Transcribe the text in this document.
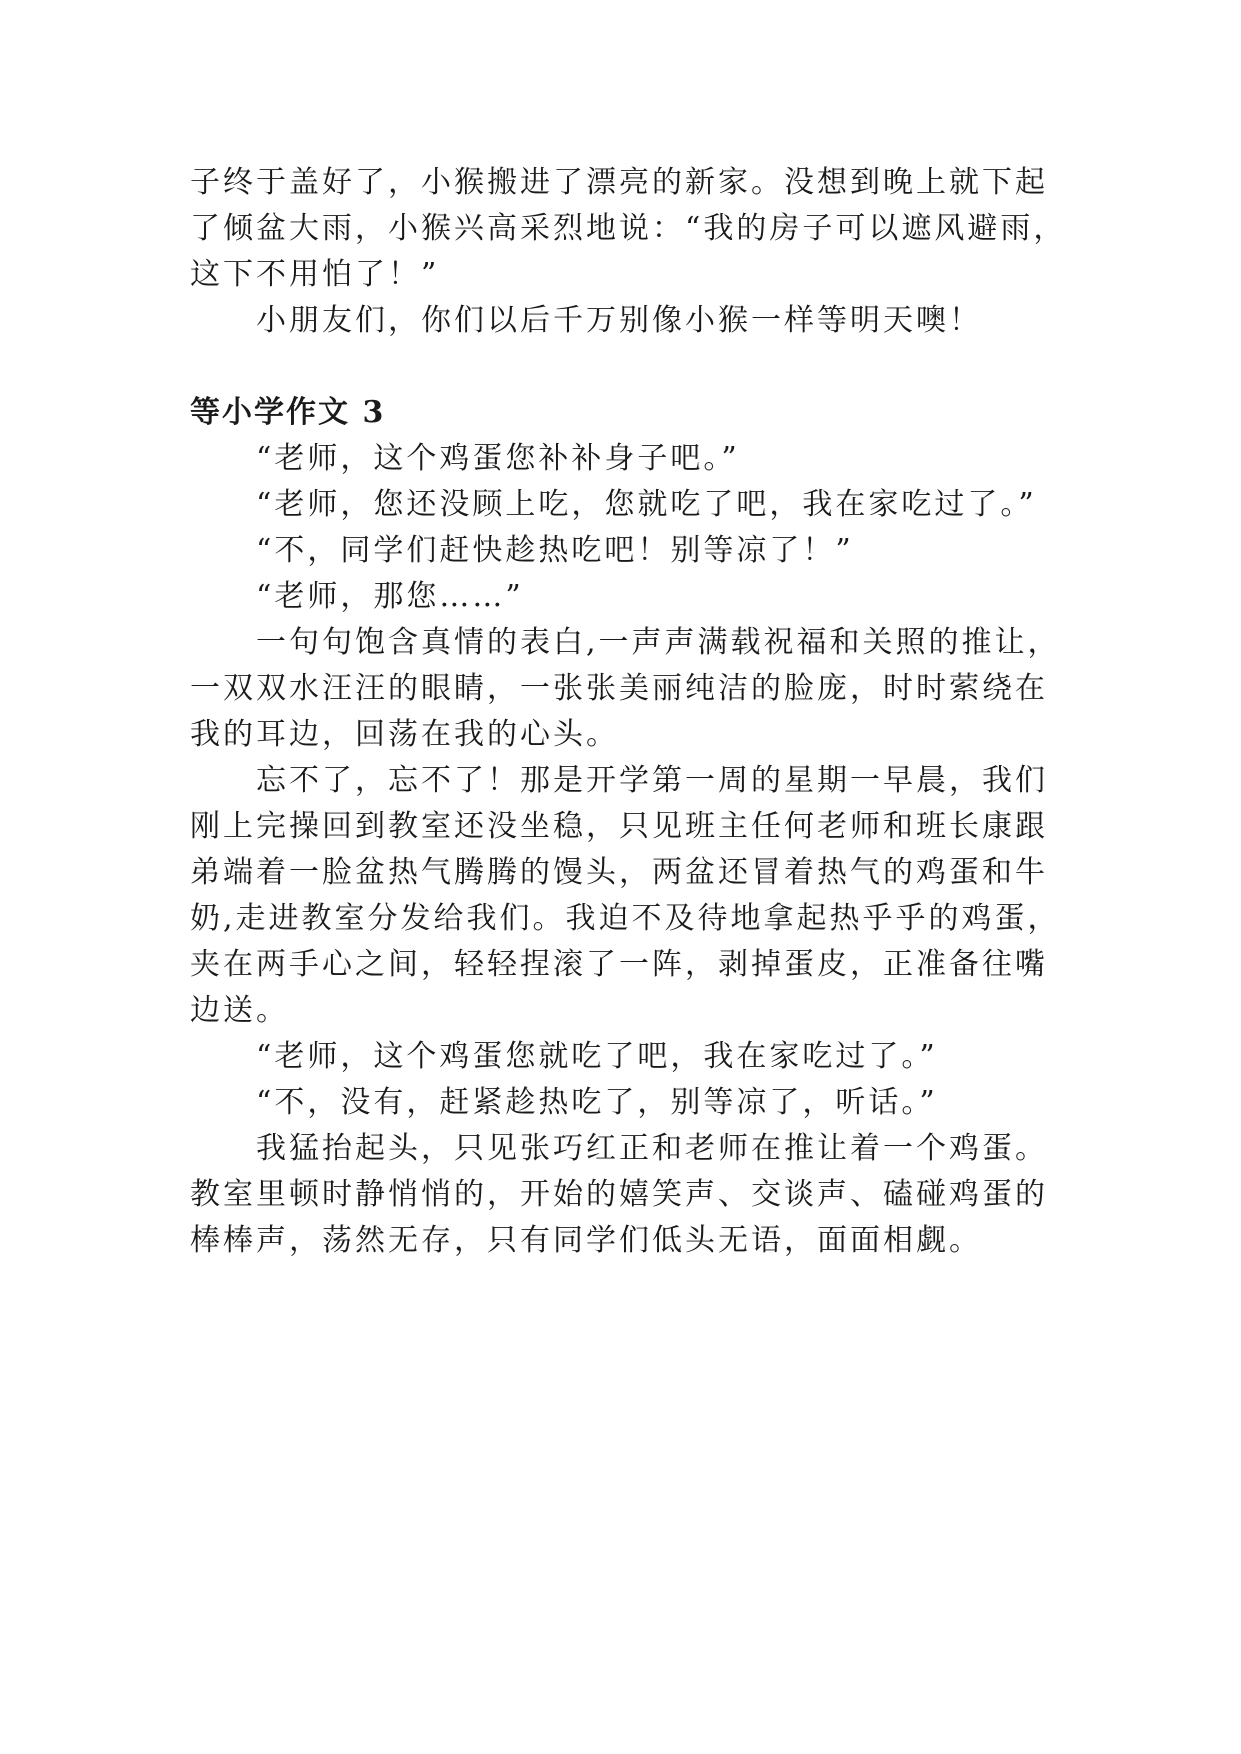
子终于盖好了，小猴搬进了漂亮的新家。没想到晚上就下起了倾盆大雨，小猴兴高采烈地说：“我的房子可以遮风避雨，这下不用怕了！”

小朋友们，你们以后千万别像小猴一样等明天噢！

等小学作文 3

“老师，这个鸡蛋您补补身子吧。”

“老师，您还没顾上吃，您就吃了吧，我在家吃过了。”

“不，同学们赶快趁热吃吧！别等凉了！”

“老师，那您……”

一句句饱含真情的表白,一声声满载祝福和关照的推让，一双双水汪汪的眼睛，一张张美丽纯洁的脸庞，时时萦绕在我的耳边，回荡在我的心头。

忘不了，忘不了！那是开学第一周的星期一早晨，我们刚上完操回到教室还没坐稳，只见班主任何老师和班长康跟弟端着一脸盆热气腾腾的馒头，两盆还冒着热气的鸡蛋和牛奶,走进教室分发给我们。我迫不及待地拿起热乎乎的鸡蛋，夹在两手心之间，轻轻捏滚了一阵，剥掉蛋皮，正准备往嘴边送。

“老师，这个鸡蛋您就吃了吧，我在家吃过了。”

“不，没有，赶紧趁热吃了，别等凉了，听话。”

我猛抬起头，只见张巧红正和老师在推让着一个鸡蛋。教室里顿时静悄悄的，开始的嬉笑声、交谈声、磕碰鸡蛋的棒棒声，荡然无存，只有同学们低头无语，面面相觑。
